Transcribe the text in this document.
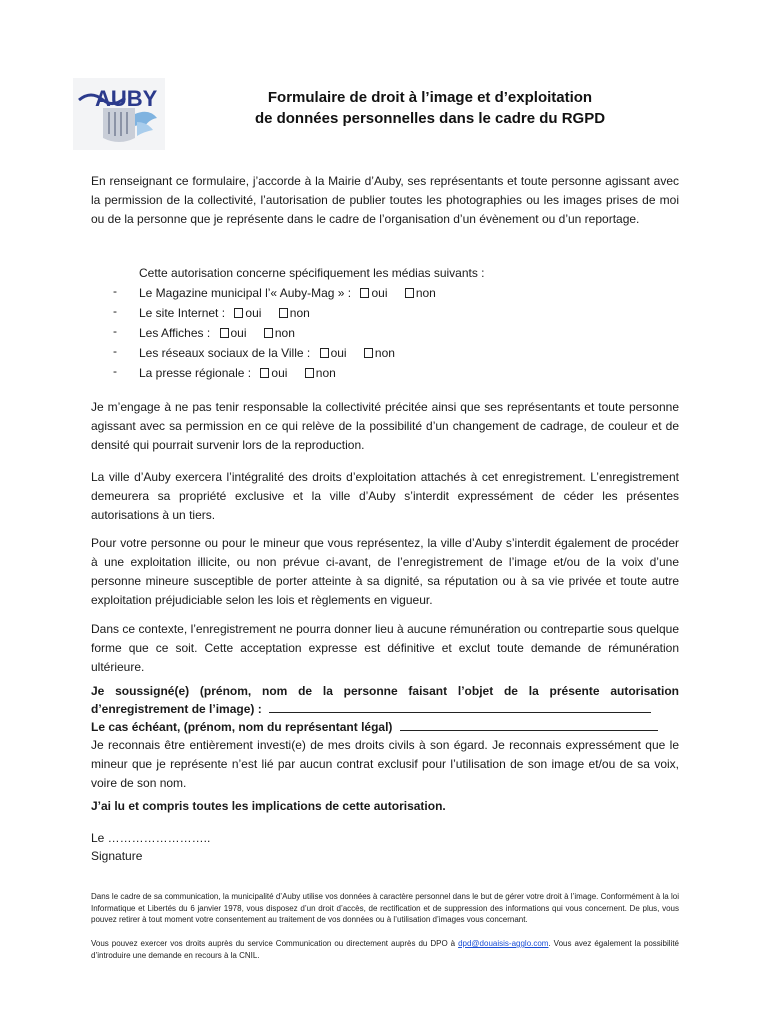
AUBY	Formulaire de droit à l’image et d’exploitation
de données personnelles dans le cadre du RGPD
En renseignant ce formulaire, j’accorde à la Mairie d’Auby, ses représentants et toute personne agissant avec la permission de la collectivité, l’autorisation de publier toutes les photographies ou les images prises de moi ou de la personne que je représente dans le cadre de l’organisation d’un évènement ou d’un reportage.
Cette autorisation concerne spécifiquement les médias suivants :
- Le Magazine municipal l’« Auby-Mag » : oui non
- Le site Internet : oui non
- Les Affiches : oui non
- Les réseaux sociaux de la Ville : oui non
- La presse régionale : oui non
Je m’engage à ne pas tenir responsable la collectivité précitée ainsi que ses représentants et toute personne agissant avec sa permission en ce qui relève de la possibilité d’un changement de cadrage, de couleur et de densité qui pourrait survenir lors de la reproduction.
La ville d’Auby exercera l’intégralité des droits d’exploitation attachés à cet enregistrement. L’enregistrement demeurera sa propriété exclusive et la ville d’Auby s’interdit expressément de céder les présentes autorisations à un tiers.
Pour votre personne ou pour le mineur que vous représentez, la ville d’Auby s’interdit également de procéder à une exploitation illicite, ou non prévue ci-avant, de l’enregistrement de l’image et/ou de la voix d’une personne mineure susceptible de porter atteinte à sa dignité, sa réputation ou à sa vie privée et toute autre exploitation préjudiciable selon les lois et règlements en vigueur.
Dans ce contexte, l’enregistrement ne pourra donner lieu à aucune rémunération ou contrepartie sous quelque forme que ce soit. Cette acceptation expresse est définitive et exclut toute demande de rémunération ultérieure.
Je soussigné(e) (prénom, nom de la personne faisant l’objet de la présente autorisation
d’enregistrement de l’image) :
Le cas échéant, (prénom, nom du représentant légal)
Je reconnais être entièrement investi(e) de mes droits civils à son égard. Je reconnais expressément que le mineur que je représente n’est lié par aucun contrat exclusif pour l’utilisation de son image et/ou de sa voix, voire de son nom.
J’ai lu et compris toutes les implications de cette autorisation.
Le ……………………..
Signature
Dans le cadre de sa communication, la municipalité d’Auby utilise vos données à caractère personnel dans le but de gérer votre droit à l’image. Conformément à la loi Informatique et Libertés du 6 janvier 1978, vous disposez d’un droit d’accès, de rectification et de suppression des informations qui vous concernent. De plus, vous pouvez retirer à tout moment votre consentement au traitement de vos données ou à l’utilisation d’images vous concernant.
Vous pouvez exercer vos droits auprès du service Communication ou directement auprès du DPO à dpd@douaisis-agglo.com. Vous avez également la possibilité d’introduire une demande en recours à la CNIL.
